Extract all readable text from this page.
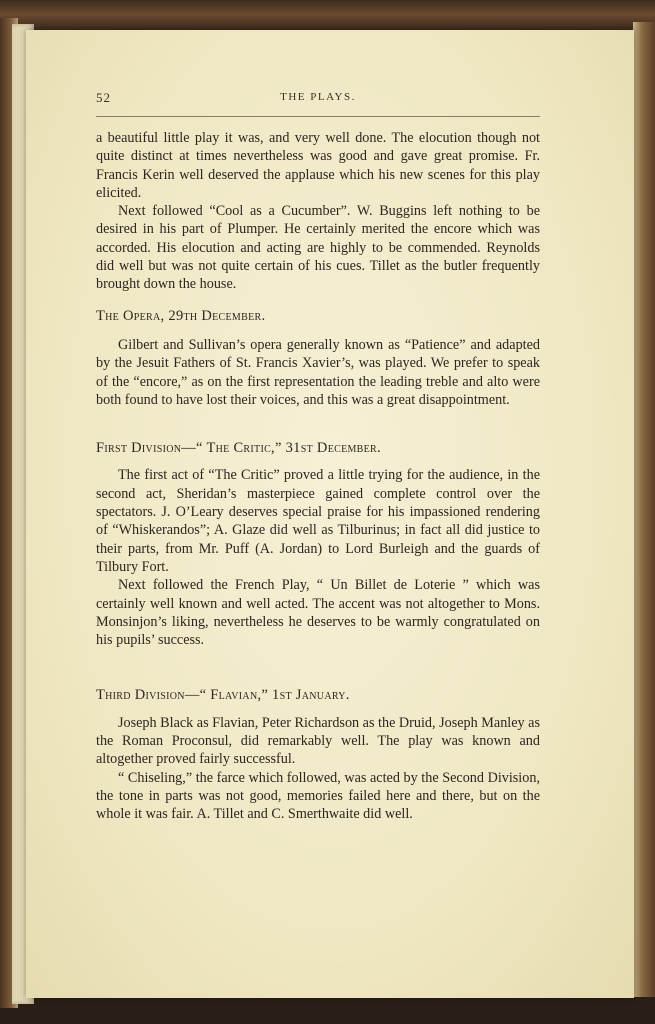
52	THE PLAYS.

a beautiful little play it was, and very well done. The elocution though not quite distinct at times nevertheless was good and gave great promise. Fr. Francis Kerin well deserved the applause which his new scenes for this play elicited.

Next followed “Cool as a Cucumber”. W. Buggins left nothing to be desired in his part of Plumper. He certainly merited the encore which was accorded. His elocution and acting are highly to be commended. Reynolds did well but was not quite certain of his cues. Tillet as the butler frequently brought down the house.

The Opera, 29th December.

Gilbert and Sullivan’s opera generally known as “Patience” and adapted by the Jesuit Fathers of St. Francis Xavier’s, was played. We prefer to speak of the “encore,” as on the first representation the leading treble and alto were both found to have lost their voices, and this was a great disappointment.

First Division—“ The Critic,” 31st December.

The first act of “The Critic” proved a little trying for the audience, in the second act, Sheridan’s masterpiece gained complete control over the spectators. J. O’Leary deserves special praise for his impassioned rendering of “Whiskerandos”; A. Glaze did well as Tilburinus; in fact all did justice to their parts, from Mr. Puff (A. Jordan) to Lord Burleigh and the guards of Tilbury Fort.

Next followed the French Play, “ Un Billet de Loterie ” which was certainly well known and well acted. The accent was not altogether to Mons. Monsinjon’s liking, nevertheless he deserves to be warmly congratulated on his pupils’ success.

Third Division—“ Flavian,” 1st January.

Joseph Black as Flavian, Peter Richardson as the Druid, Joseph Manley as the Roman Proconsul, did remarkably well. The play was known and altogether proved fairly successful.

“ Chiseling,” the farce which followed, was acted by the Second Division, the tone in parts was not good, memories failed here and there, but on the whole it was fair. A. Tillet and C. Smerthwaite did well.
